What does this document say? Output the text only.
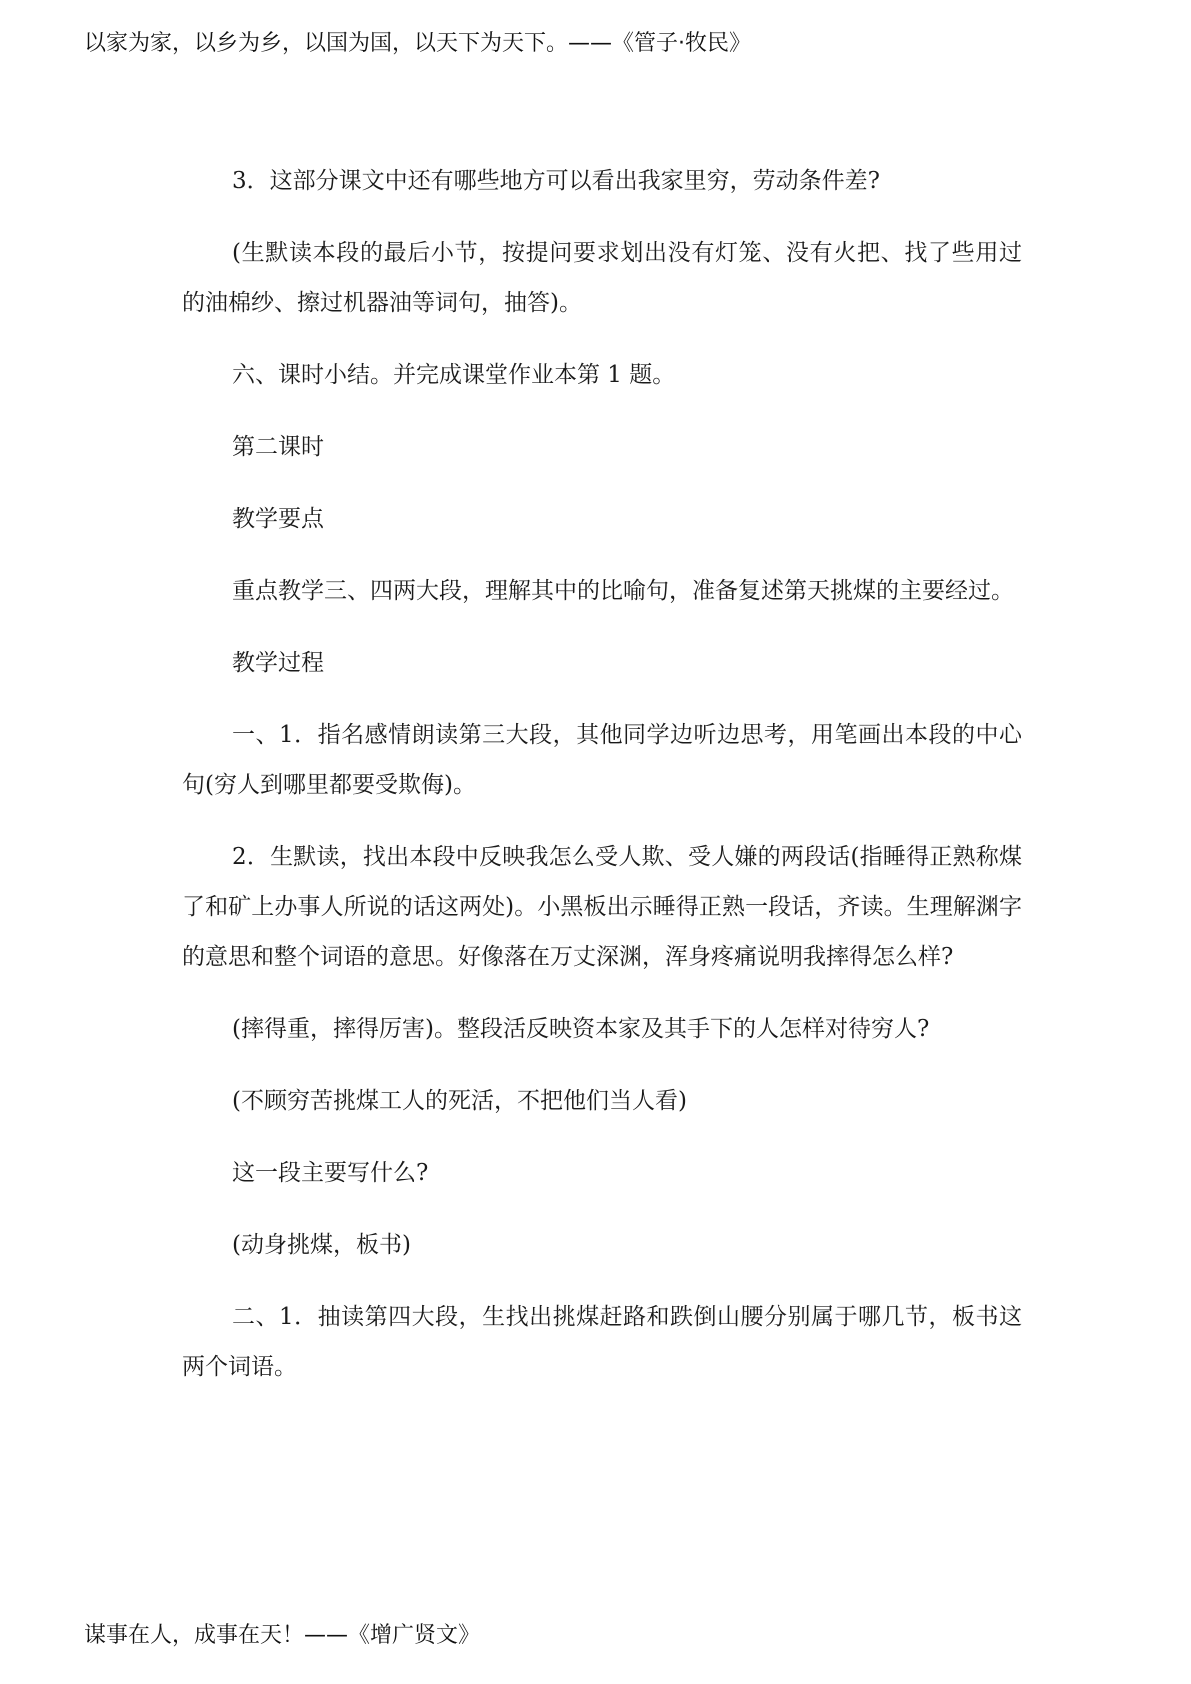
以家为家，以乡为乡，以国为国，以天下为天下。——《管子·牧民》

3．这部分课文中还有哪些地方可以看出我家里穷，劳动条件差?

(生默读本段的最后小节，按提问要求划出没有灯笼、没有火把、找了些用过的油棉纱、擦过机器油等词句，抽答)。

六、课时小结。并完成课堂作业本第 1 题。

第二课时

教学要点

重点教学三、四两大段，理解其中的比喻句，准备复述第天挑煤的主要经过。

教学过程

一、1．指名感情朗读第三大段，其他同学边听边思考，用笔画出本段的中心句(穷人到哪里都要受欺侮)。

2．生默读，找出本段中反映我怎么受人欺、受人嫌的两段话(指睡得正熟称煤了和矿上办事人所说的话这两处)。小黑板出示睡得正熟一段话，齐读。生理解渊字的意思和整个词语的意思。好像落在万丈深渊，浑身疼痛说明我摔得怎么样?

(摔得重，摔得厉害)。整段活反映资本家及其手下的人怎样对待穷人?

(不顾穷苦挑煤工人的死活，不把他们当人看)

这一段主要写什么?

(动身挑煤，板书)

二、1．抽读第四大段，生找出挑煤赶路和跌倒山腰分别属于哪几节，板书这两个词语。

谋事在人，成事在天！——《增广贤文》
